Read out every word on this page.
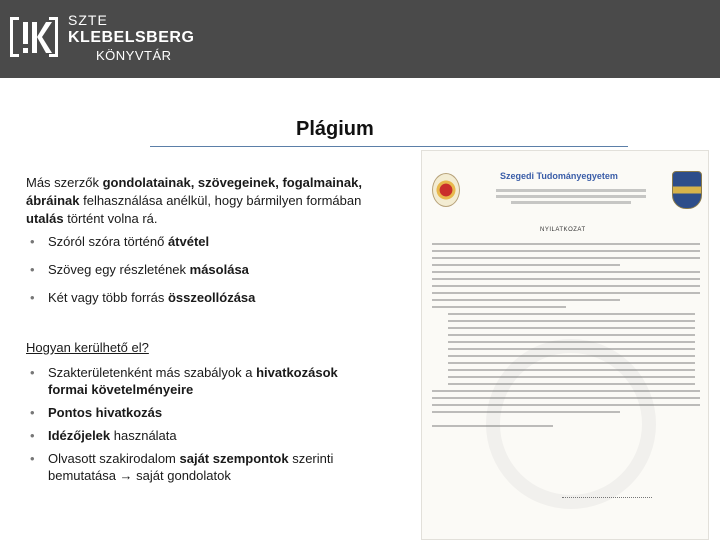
SZTE
KLEBELSBERG
KÖNYVTÁR
Plágium

Más szerzők gondolatainak, szövegeinek, fogalmainak, ábráinak felhasználása anélkül, hogy bármilyen formában utalás történt volna rá.

• Szóról szóra történő átvétel
• Szöveg egy részletének másolása
• Két vagy több forrás összeollózása
Hogyan kerülhető el?
• Szakterületenként más szabályok a hivatkozások
formai követelményeire
• Pontos hivatkozás
• Idézőjelek használata
• Olvasott szakirodalom saját szempontok szerinti
bemutatása → saját gondolatok
Szegedi Tudományegyetem
NYILATKOZAT
